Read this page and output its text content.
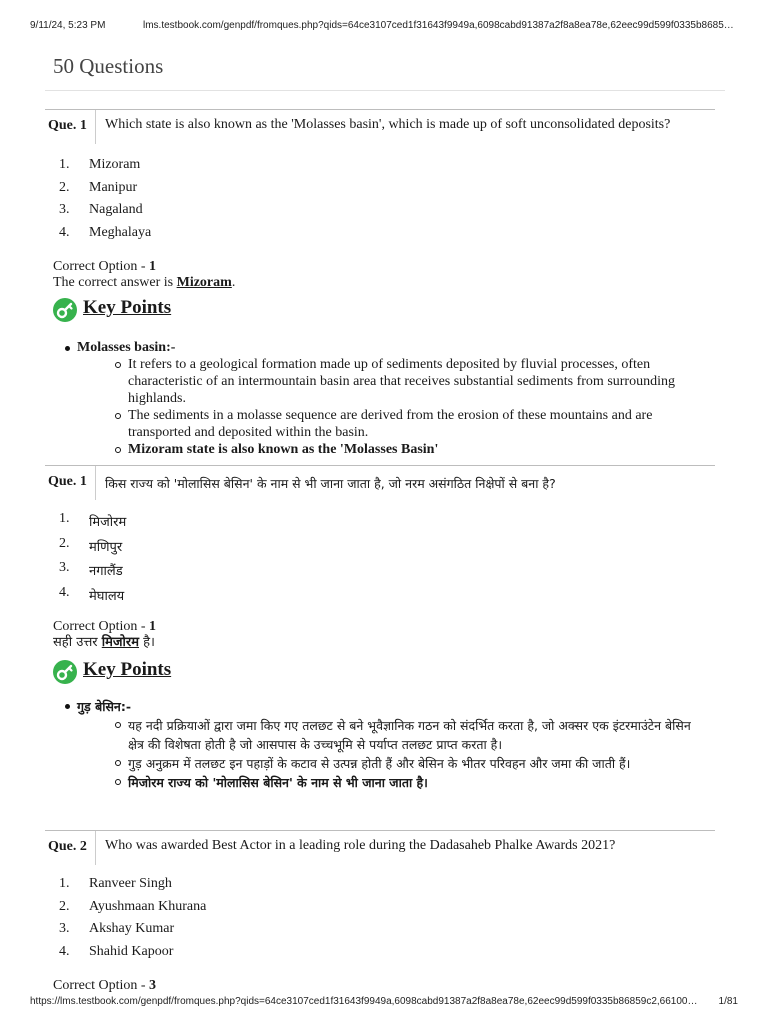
9/11/24, 5:23 PM	lms.testbook.com/genpdf/fromques.php?qids=64ce3107ced1f31643f9949a,6098cabd91387a2f8a8ea78e,62eec99d599f0335b8685…
50 Questions
Que. 1 Which state is also known as the 'Molasses basin', which is made up of soft unconsolidated deposits?
1. Mizoram
2. Manipur
3. Nagaland
4. Meghalaya
Correct Option - 1
The correct answer is Mizoram.
Key Points
Molasses basin:-
It refers to a geological formation made up of sediments deposited by fluvial processes, often characteristic of an intermountain basin area that receives substantial sediments from surrounding highlands.
The sediments in a molasse sequence are derived from the erosion of these mountains and are transported and deposited within the basin.
Mizoram state is also known as the 'Molasses Basin'
Que. 1 किस राज्य को 'मोलासिस बेसिन' के नाम से भी जाना जाता है, जो नरम असंगठित निक्षेपों से बना है?
1. मिजोरम
2. मणिपुर
3. नगालैंड
4. मेघालय
Correct Option - 1
सही उत्तर मिजोरम है।
Key Points
गुड़ बेसिन:-
यह नदी प्रक्रियाओं द्वारा जमा किए गए तलछट से बने भूवैज्ञानिक गठन को संदर्भित करता है, जो अक्सर एक इंटरमाउंटेन बेसिन क्षेत्र की विशेषता होती है जो आसपास के उच्चभूमि से पर्याप्त तलछट प्राप्त करता है।
गुड़ अनुक्रम में तलछट इन पहाड़ों के कटाव से उत्पन्न होती हैं और बेसिन के भीतर परिवहन और जमा की जाती हैं।
मिजोरम राज्य को 'मोलासिस बेसिन' के नाम से भी जाना जाता है।
Que. 2 Who was awarded Best Actor in a leading role during the Dadasaheb Phalke Awards 2021?
1. Ranveer Singh
2. Ayushmaan Khurana
3. Akshay Kumar
4. Shahid Kapoor
Correct Option - 3
https://lms.testbook.com/genpdf/fromques.php?qids=64ce3107ced1f31643f9949a,6098cabd91387a2f8a8ea78e,62eec99d599f0335b86859c2,66100… 1/81
